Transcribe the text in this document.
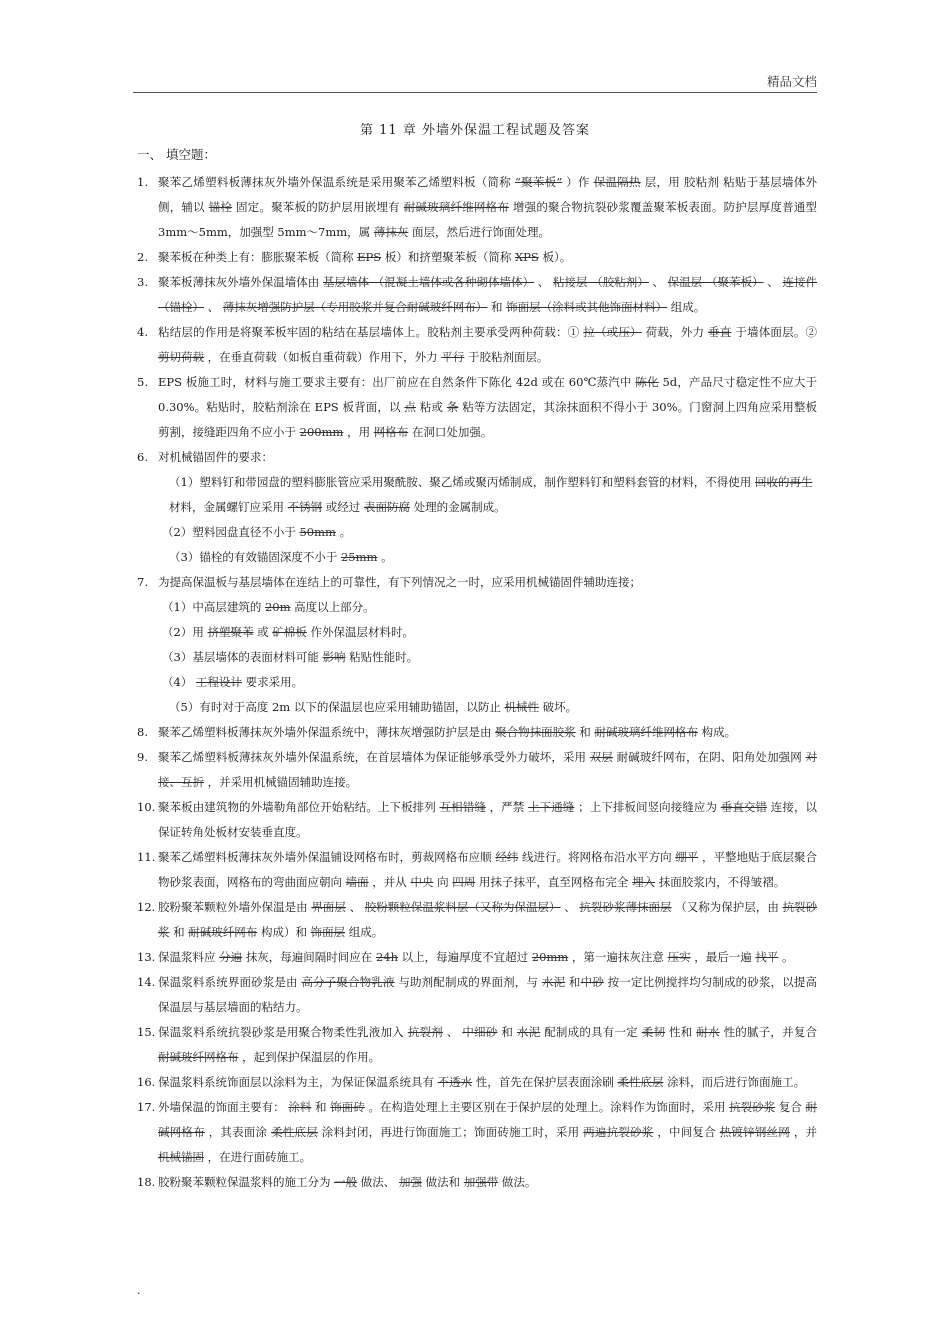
精品文档
第 11 章 外墙外保温工程试题及答案
一、 填空题：
1. 聚苯乙烯塑料板薄抹灰外墙外保温系统是采用聚苯乙烯塑料板（简称 “聚苯板” ）作 保温隔热 层，用 胶粘剂 粘贴于基层墙体外侧，辅以 锚栓 固定。聚苯板的防护层用嵌埋有 耐碱玻璃纤维网格布 增强的聚合物抗裂砂浆覆盖聚苯板表面。防护层厚度普通型 3mm～5mm，加强型 5mm～7mm，属 薄抹灰 面层，然后进行饰面处理。
2. 聚苯板在种类上有：膨胀聚苯板（简称 EPS 板）和挤塑聚苯板（简称 XPS 板）。
3. 聚苯板薄抹灰外墙外保温墙体由 基层墙体 （混凝土墙体或各种砌体墙体） 、 粘接层 （胶粘剂） 、 保温层 （聚苯板） 、 连接件 （锚栓） 、 薄抹灰增强防护层（专用胶浆并复合耐碱玻纤网布） 和 饰面层（涂料或其他饰面材料） 组成。
4. 粘结层的作用是将聚苯板牢固的粘结在基层墙体上。胶粘剂主要承受两种荷载：① 拉（或压） 荷载，外力 垂直 于墙体面层。② 剪切荷载 ，在垂直荷载（如板自重荷载）作用下，外力 平行 于胶粘剂面层。
5. EPS 板施工时，材料与施工要求主要有：出厂前应在自然条件下陈化 42d 或在 60℃蒸汽中 陈化 5d，产品尺寸稳定性不应大于 0.30%。粘贴时，胶粘剂涂在 EPS 板背面，以 点 粘或 条 粘等方法固定，其涂抹面积不得小于 30%。门窗洞上四角应采用整板剪割，接缝距四角不应小于 200mm ，用 网格布 在洞口处加强。
6. 对机械锚固件的要求：
（1）塑料钉和带园盘的塑料膨胀管应采用聚酰胺、聚乙烯或聚丙烯制成，制作塑料钉和塑料套管的材料，不得使用 回收的再生 材料，金属螺钉应采用 不锈钢 或经过 表面防腐 处理的金属制成。
（2）塑料园盘直径不小于 50mm 。
（3）锚栓的有效锚固深度不小于 25mm 。
7. 为提高保温板与基层墙体在连结上的可靠性，有下列情况之一时，应采用机械锚固件辅助连接；
（1）中高层建筑的 20m 高度以上部分。
（2）用 挤塑聚苯 或 矿棉板 作外保温层材料时。
（3）基层墙体的表面材料可能 影响 粘贴性能时。
（4） 工程设计 要求采用。
（5）有时对于高度 2m 以下的保温层也应采用辅助锚固，以防止 机械性 破坏。
8. 聚苯乙烯塑料板薄抹灰外墙外保温系统中，薄抹灰增强防护层是由 聚合物抹面胶浆 和 耐碱玻璃纤维网格布 构成。
9. 聚苯乙烯塑料板薄抹灰外墙外保温系统，在首层墙体为保证能够承受外力破坏，采用 双层 耐碱玻纤网布，在阴、阳角处加强网 对接、互折 ，并采用机械锚固辅助连接。
10. 聚苯板由建筑物的外墙勒角部位开始粘结。上下板排列 互相错缝 ，严禁 上下通缝 ；上下排板间竖向接缝应为 垂直交错 连接，以保证转角处板材安装垂直度。
11. 聚苯乙烯塑料板薄抹灰外墙外保温铺设网格布时，剪裁网格布应顺 经纬 线进行。将网格布沿水平方向 绷平 ，平整地贴于底层聚合物砂浆表面，网格布的弯曲面应朝向 墙面 ，并从 中央 向 四周 用抹子抹平，直至网格布完全 埋入 抹面胶浆内，不得皱褶。
12. 胶粉聚苯颗粒外墙外保温是由 界面层 、 胶粉颗粒保温浆料层（又称为保温层） 、 抗裂砂浆薄抹面层 （又称为保护层，由 抗裂砂浆 和 耐碱玻纤网布 构成）和 饰面层 组成。
13. 保温浆料应 分遍 抹灰，每遍间隔时间应在 24h 以上，每遍厚度不宜超过 20mm ，第一遍抹灰注意 压实 ，最后一遍 找平 。
14. 保温浆料系统界面砂浆是由 高分子聚合物乳液 与助剂配制成的界面剂，与 水泥 和中砂 按一定比例搅拌均匀制成的砂浆，以提高保温层与基层墙面的粘结力。
15. 保温浆料系统抗裂砂浆是用聚合物柔性乳液加入 抗裂剂 、 中细砂 和 水泥 配制成的具有一定 柔韧 性和 耐水 性的腻子，并复合 耐碱玻纤网格布 ，起到保护保温层的作用。
16. 保温浆料系统饰面层以涂料为主，为保证保温系统具有 不透水 性，首先在保护层表面涂刷 柔性底层 涂料，而后进行饰面施工。
17. 外墙保温的饰面主要有： 涂料 和 饰面砖 。在构造处理上主要区别在于保护层的处理上。涂料作为饰面时，采用 抗裂砂浆 复合 耐碱网格布 ，其表面涂 柔性底层 涂料封闭，再进行饰面施工；饰面砖施工时，采用 两遍抗裂砂浆 ，中间复合 热镀锌钢丝网 ，并 机械锚固 ，在进行面砖施工。
18. 胶粉聚苯颗粒保温浆料的施工分为 一般 做法、 加强 做法和 加强带 做法。
.
